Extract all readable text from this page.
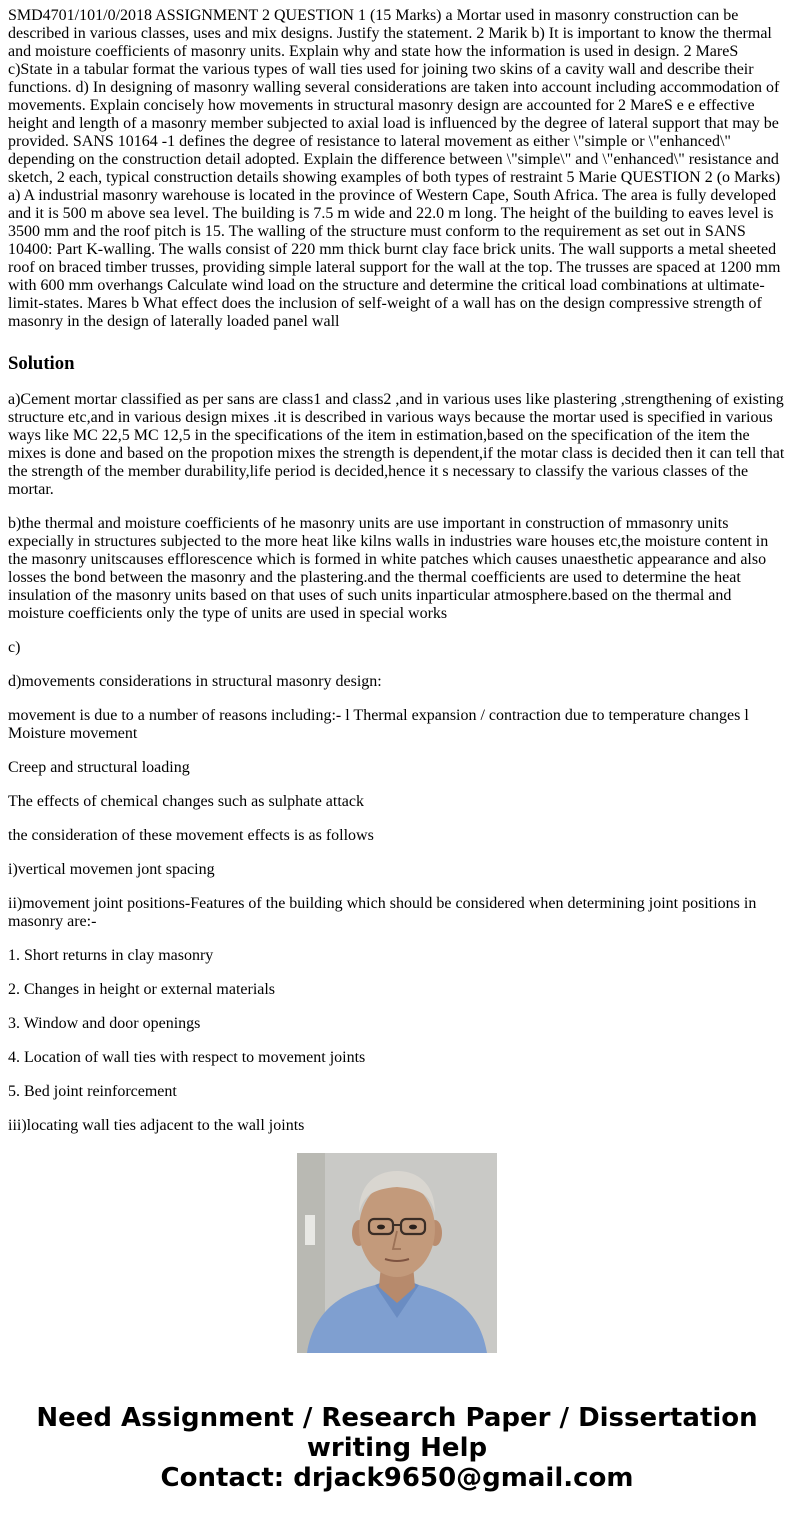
SMD4701/101/0/2018 ASSIGNMENT 2 QUESTION 1 (15 Marks) a Mortar used in masonry construction can be described in various classes, uses and mix designs. Justify the statement. 2 Marik b) It is important to know the thermal and moisture coefficients of masonry units. Explain why and state how the information is used in design. 2 MareS c)State in a tabular format the various types of wall ties used for joining two skins of a cavity wall and describe their functions. d) In designing of masonry walling several considerations are taken into account including accommodation of movements. Explain concisely how movements in structural masonry design are accounted for 2 MareS e e effective height and length of a masonry member subjected to axial load is influenced by the degree of lateral support that may be provided. SANS 10164 -1 defines the degree of resistance to lateral movement as either \"simple or \"enhanced\" depending on the construction detail adopted. Explain the difference between \"simple\" and \"enhanced\" resistance and sketch, 2 each, typical construction details showing examples of both types of restraint 5 Marie QUESTION 2 (o Marks) a) A industrial masonry warehouse is located in the province of Western Cape, South Africa. The area is fully developed and it is 500 m above sea level. The building is 7.5 m wide and 22.0 m long. The height of the building to eaves level is 3500 mm and the roof pitch is 15. The walling of the structure must conform to the requirement as set out in SANS 10400: Part K-walling. The walls consist of 220 mm thick burnt clay face brick units. The wall supports a metal sheeted roof on braced timber trusses, providing simple lateral support for the wall at the top. The trusses are spaced at 1200 mm with 600 mm overhangs Calculate wind load on the structure and determine the critical load combinations at ultimate-limit-states. Mares b What effect does the inclusion of self-weight of a wall has on the design compressive strength of masonry in the design of laterally loaded panel wall
Solution

a)Cement mortar classified as per sans are class1 and class2 ,and in various uses like plastering ,strengthening of existing structure etc,and in various design mixes .it is described in various ways because the mortar used is specified in various ways like MC 22,5 MC 12,5 in the specifications of the item in estimation,based on the specification of the item the mixes is done and based on the propotion mixes the strength is dependent,if the motar class is decided then it can tell that the strength of the member durability,life period is decided,hence it s necessary to classify the various classes of the mortar.

b)the thermal and moisture coefficients of he masonry units are use important in construction of mmasonry units expecially in structures subjected to the more heat like kilns walls in industries ware houses etc,the moisture content in the masonry unitscauses efflorescence which is formed in white patches which causes unaesthetic appearance and also losses the bond between the masonry and the plastering.and the thermal coefficients are used to determine the heat insulation of the masonry units based on that uses of such units inparticular atmosphere.based on the thermal and moisture coefficients only the type of units are used in special works

c)

d)movements considerations in structural masonry design:

movement is due to a number of reasons including:- l Thermal expansion / contraction due to temperature changes l Moisture movement

Creep and structural loading

The effects of chemical changes such as sulphate attack

the consideration of these movement effects is as follows

i)vertical movemen jont spacing

ii)movement joint positions-Features of the building which should be considered when determining joint positions in masonry are:-

1. Short returns in clay masonry

2. Changes in height or external materials

3. Window and door openings

4. Location of wall ties with respect to movement joints

5. Bed joint reinforcement

iii)locating wall ties adjacent to the wall joints

Need Assignment / Research Paper / Dissertation writing Help
Contact: drjack9650@gmail.com
